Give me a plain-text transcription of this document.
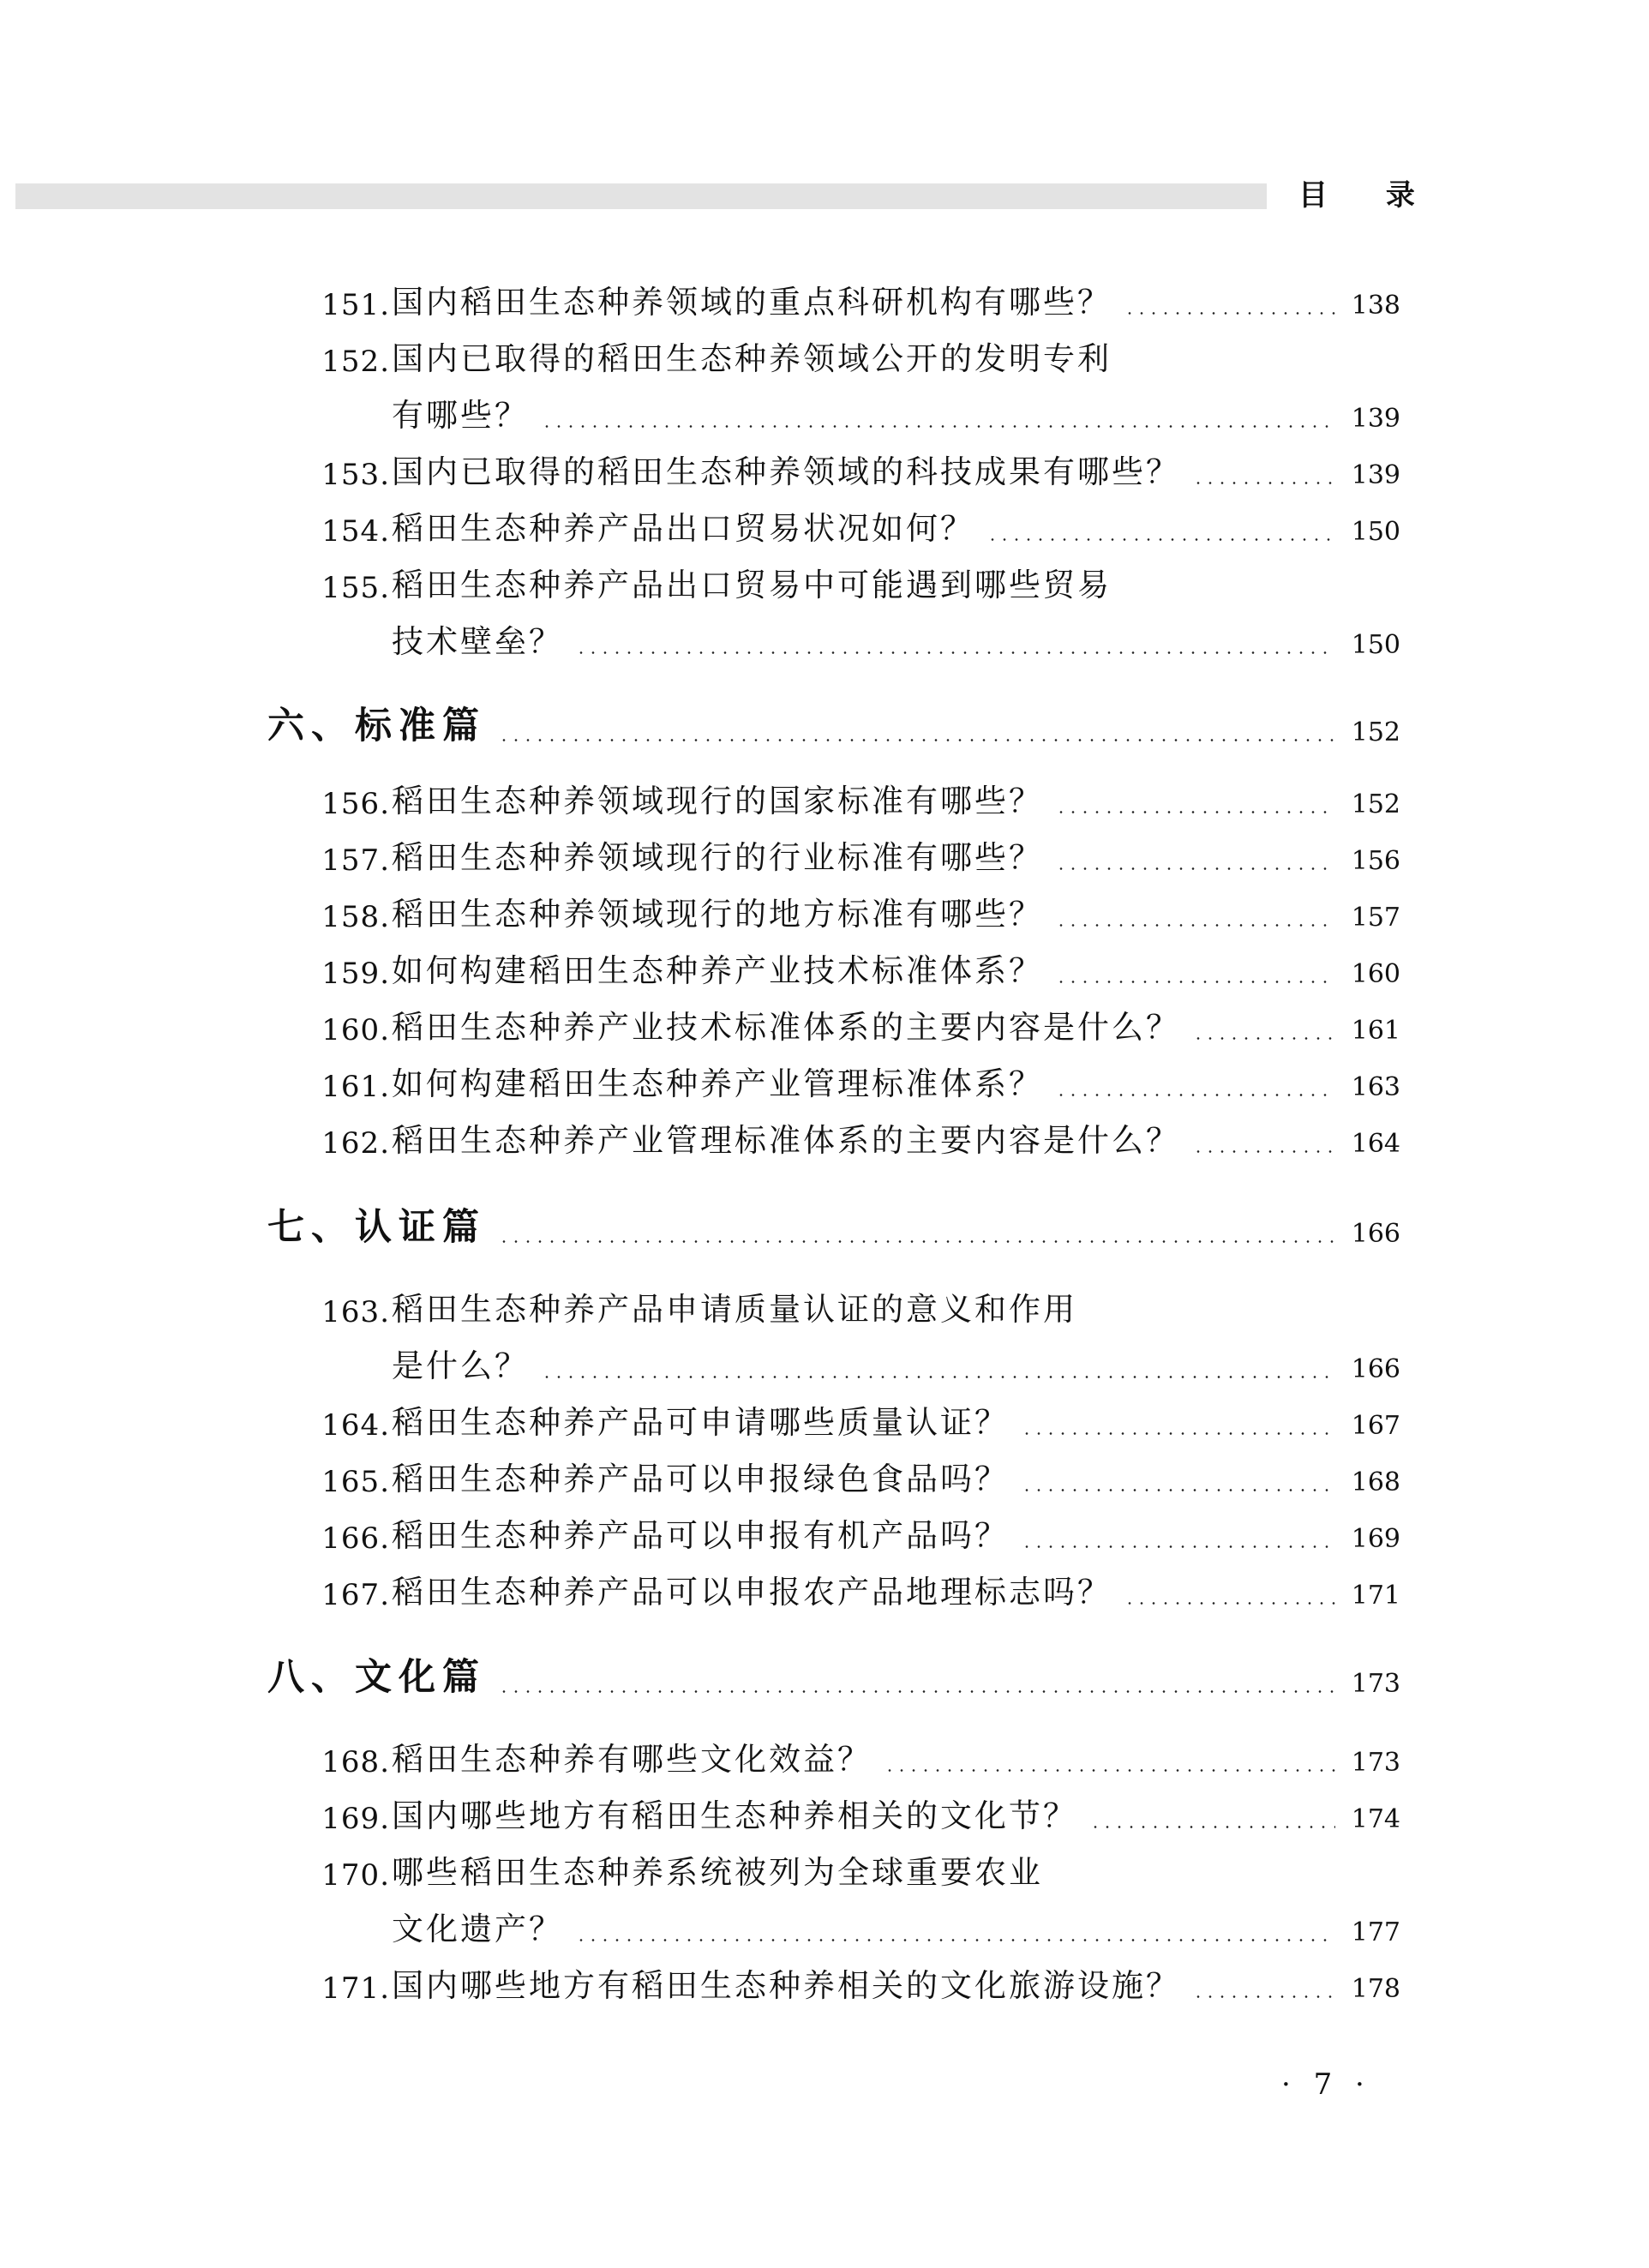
目 录
151. 国内稻田生态种养领域的重点科研机构有哪些？	138
152. 国内已取得的稻田生态种养领域公开的发明专利
有哪些？	139
153. 国内已取得的稻田生态种养领域的科技成果有哪些？	139
154. 稻田生态种养产品出口贸易状况如何？	150
155. 稻田生态种养产品出口贸易中可能遇到哪些贸易
技术壁垒？	150
六、标准篇	152
156. 稻田生态种养领域现行的国家标准有哪些？	152
157. 稻田生态种养领域现行的行业标准有哪些？	156
158. 稻田生态种养领域现行的地方标准有哪些？	157
159. 如何构建稻田生态种养产业技术标准体系？	160
160. 稻田生态种养产业技术标准体系的主要内容是什么？	161
161. 如何构建稻田生态种养产业管理标准体系？	163
162. 稻田生态种养产业管理标准体系的主要内容是什么？	164
七、认证篇	166
163. 稻田生态种养产品申请质量认证的意义和作用
是什么？	166
164. 稻田生态种养产品可申请哪些质量认证？	167
165. 稻田生态种养产品可以申报绿色食品吗？	168
166. 稻田生态种养产品可以申报有机产品吗？	169
167. 稻田生态种养产品可以申报农产品地理标志吗？	171
八、文化篇	173
168. 稻田生态种养有哪些文化效益？	173
169. 国内哪些地方有稻田生态种养相关的文化节？	174
170. 哪些稻田生态种养系统被列为全球重要农业
文化遗产？	177
171. 国内哪些地方有稻田生态种养相关的文化旅游设施？	178
· 7 ·
